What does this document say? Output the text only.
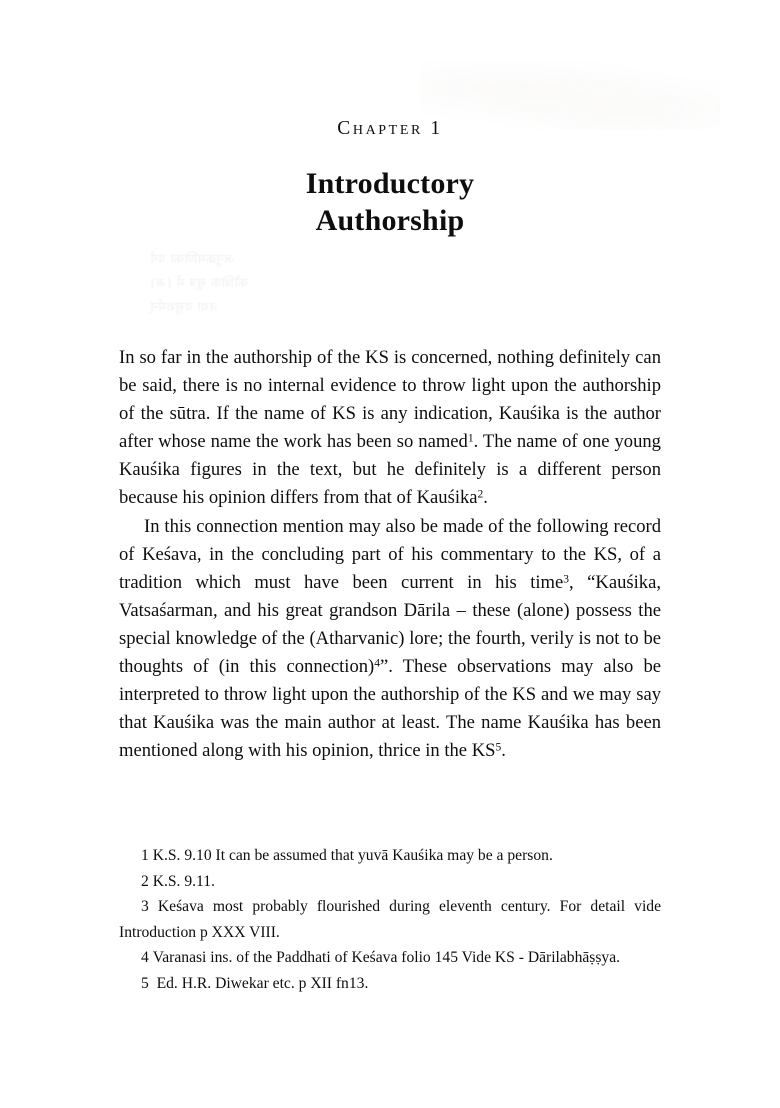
अनुक्रमणिका वर्ग
कौशिक सूत्र में (अ)
तथा वसुशर्मन्
Chapter 1
Introductory
Authorship

In so far in the authorship of the KS is concerned, nothing definitely can be said, there is no internal evidence to throw light upon the authorship of the sūtra. If the name of KS is any indication, Kauśika is the author after whose name the work has been so named$^1$. The name of one young Kauśika figures in the text, but he definitely is a different person because his opinion differs from that of Kauśika$^2$.

In this connection mention may also be made of the following record of Keśava, in the concluding part of his commentary to the KS, of a tradition which must have been current in his time$^3$, “Kauśika, Vatsaśarman, and his great grandson Dārila – these (alone) possess the special knowledge of the (Atharvanic) lore; the fourth, verily is not to be thoughts of (in this connection)$^4$”. These observations may also be interpreted to throw light upon the authorship of the KS and we may say that Kauśika was the main author at least. The name Kauśika has been mentioned along with his opinion, thrice in the $KS^5$.

1 K.S. 9.10 It can be assumed that yuvā Kauśika may be a person.

2 K.S. 9.11.

3 Keśava most probably flourished during eleventh century. For detail vide Introduction p XXX VIII.

4 Varanasi ins. of the Paddhati of Keśava folio 145 Vide KS - Dārilabhāṣṣya.

5 Ed. H.R. Diwekar etc. p XII fn13.
